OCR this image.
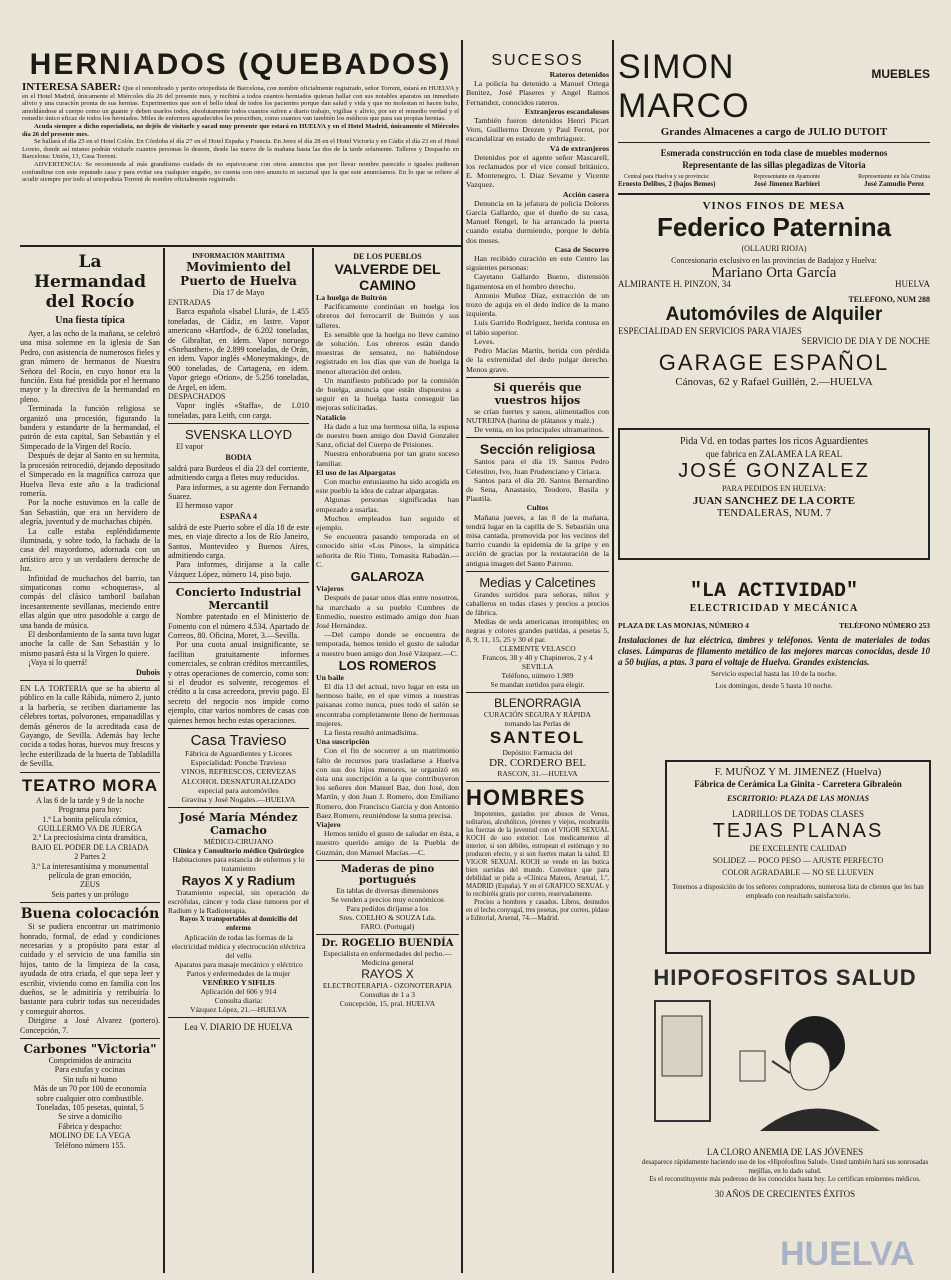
HERNIADOS (QUEBADOS)

INTERESA SABER: Que el renombrado y perito ortopedista de Barcelona, con nombre oficialmente registrado, señor Torrent, estará en HUELVA y en el Hotel Madrid, únicamente el Miércoles día 26 del presente mes, y recibirá a todos cuantos herniados quieran hallar con sus notables aparatos un inmediato alivio y una curación pronta de sus hernias. Experimentos que son el bello ideal de todos los pacientes porque dan salud y vida y que no molestan ni hacen bulto, amoldándose al cuerpo como un guante y deben usarlos todos, absolutamente todos cuantos sufren a diario trabajo, vigilias y alivio, por ser el remedio verdad y el remedio único eficaz de todos los herniados. Miles de enfermos agradecidos les prescriben, como cuantos van también los médicos que para sus propias hernias.

Acuda siempre a dicho especialista, no dejéis de visitarle y sacad muy presente que estará en HUELVA y en el Hotel Madrid, únicamente el Miércoles día 26 del presente mes.

Se hallará el día 25 en el Hotel Colón. En Córdoba el día 27 en el Hotel España y Francia. En Jerez el día 28 en el Hotel Victoria y en Cádiz el día 23 en el Hotel Loreto, donde así mismo podrán visitarle cuantos personas lo deseen, desde las nueve de la mañana hasta las dos de la tarde solamente. Talleres y Despacho en Barcelona: Unión, 13, Casa Torrent.

ADVERTENCIA: Se recomienda al más grandísimo cuidado de no equivocarse con otros anuncios que por llevar nombre parecido o iguales pudieran confundirse con este reputado casa y para evitar sea cualquier engaño, no cuenta con otro anuncio ni sucursal que la que este anunciamos. En lo que se refiere al acudir siempre por todo al ortopedista Torrent de nombre oficialmente registrado.

La Hermandad del Rocío
Una fiesta típica

Ayer, a las ocho de la mañana, se celebró una misa solemne en la iglesia de San Pedro, con asistencia de numerosos fieles y gran número de hermanos de Nuestra Señora del Rocío, en cuyo honor era la función. Esta fué presidida por el hermano mayor y la directiva de la hermandad en pleno.

Terminada la función religiosa se organizó una procesión, figurando la bandera y estandarte de la hermandad, el patrón de esta capital, San Sebastián y el Simpecado de la Virgen del Rocío.

Después de dejar al Santo en su hermita, la procesión retrocedió, dejando depositado el Simpecado en la magnífica carroza que Huelva lleva este año a la tradicional romería.

Por la noche estuvimos en la calle de San Sebastián, que era un hervidero de alegría, juventud y de muchachas chipén.

La calle estaba espléndidamente iluminada, y sobre todo, la fachada de la casa del mayordomo, adornada con un artístico arco y un verdadero derroche de luz.

Infinidad de muchachos del barrio, tan simpaticonas como «choqueras», al compás del clásico tamboril bailaban incesantemente sevillanas, meciendo entre ellas algún que otro pasodoble a cargo de una banda de música.

El desbordamiento de la santa tuvo lugar anoche la calle de San Sebastián y lo mismo pasará ésta si la Virgen lo quiere.

¡Vaya si lo querrá!

Dubois

EN LA TORTERIA que se ha abierto al público en la calle Rábida, número 2, junto a la barbería, se reciben diariamente las célebres tortas, polvorones, empanadillas y demás géneros de la acreditada casa de Gayango, de Sevilla. Además hay leche cocida a todas horas, huevos muy frescos y leche esterilizada de la huerta de Tabladilla de Sevilla.

TEATRO MORA

A las 6 de la tarde y 9 de la noche

Programa para hoy:

1.º La bonita película cómica,

GUILLERMO VA DE JUERGA

2.º La preciosísima cinta dramática,

BAJO EL PODER DE LA CRIADA

2 Partes 2

3.º La interesantísima y monumental película de gran emoción,

ZEUS

Seis partes y un prólogo

Buena colocación

Si se pudiera encontrar un matrimonio honrado, formal, de edad y condiciones necesarias y a propósito para estar al cuidado y el servicio de una familia sin hijos, tanto de la limpieza de la casa, ayudada de otra criada, el que sepa leer y escribir, viviendo como en familia con los dueños, se le admitiría y retribuiría lo bastante para cubrir todas sus necesidades y conseguir ahorros.

Dirigirse a José Alvarez (portero). Concepción, 7.

Carbones "Victoria"

Comprimidos de antracita

Para estufas y cocinas

Sin tufo ni humo

Más de un 70 por 100 de economía

sobre cualquier otro combustible.

Toneladas, 105 pesetas, quintal, 5

Se sirve a domicilio

Fábrica y despacho:

MOLINO DE LA VEGA

Teléfono número 155.

INFORMACIÓN MARÍTIMA
Movimiento del Puerto de Huelva

Día 17 de Mayo

ENTRADAS

Barca española «Isabel Llurá», de 1.455 toneladas, de Cádiz, en lastre. Vapor americano «Hartfod», de 6.202 toneladas, de Gibraltar, en idem. Vapor noruego «Snehasthen», de 2.899 toneladas, de Orán, en idem. Vapor inglés «Moneymaking», de 900 toneladas, de Cartagena, en idem. Vapor griego «Orion», de 5.256 toneladas, de Argel, en idem.

DESPACHADOS

Vapor inglés «Staffa», de 1.010 toneladas, para Leith, con carga.

SVENSKA LLOYD

El vapor

BODIA

saldrá para Burdeos el día 23 del corriente, admitiendo carga a fletes muy reducidos.

Para informes, a su agente don Fernando Suarez.

El hermoso vapor

ESPAÑA 4

saldrá de este Puerto sobre el día 18 de este mes, en viaje directo a los de Río Janeiro, Santos, Montevideo y Buenos Aires, admitiendo carga.

Para informes, diríjanse a la calle Vázquez López, número 14, piso bajo.

Concierto Industrial Mercantil

Nombre patentado en el Ministerio de Fomento con el número 4.534. Apartado de Correos, 80. Oficina, Moret, 3.—Sevilla.

Por una cuota anual insignificante, se facilitan gratuitamente informes comerciales, se cobran créditos mercantiles, y otras operaciones de comercio, como son: si el deudor es solvente, recogemos el crédito a la casa acreedora, previo pago. El secreto del negocio nos impide como ejemplo, citar varios nombres de casas con quienes hemos hecho estas operaciones.

Casa Travieso

Fábrica de Aguardientes y Licores

Especialidad: Ponche Travieso

VINOS, REFRESCOS, CERVEZAS

ALCOHOL DESNATURALIZADO

especial para automóviles

Gravina y José Nogales.—HUELVA

José María Méndez Camacho

MÉDICO-CIRUJANO

Clínica y Consultorio médico Quirúrgico

Habitaciones para estancia de enfermos y lo tratamiento

Rayos X y Radium

Tratamiento especial, sin operación de escrófulas, cáncer y toda clase tumores por el Radium y la Radioterapia.

Rayos X transportables al domicilio del enfermo

Aplicación de todas las formas de la electricidad médica y electrocución eléctrica del vello

Aparatos para masaje mecánico y eléctrico

Partos y enfermedades de la mujer

VENÉREO Y SIFILIS

Aplicación del 606 y 914

Consulta diaria:

Vázquez López, 21.—HUELVA

Lea V. DIARIO DE HUELVA

DE LOS PUEBLOS
VALVERDE DEL CAMINO

La huelga de Buitrón

Pacíficamente continúan en huelga los obreros del ferrocarril de Buitrón y sus talleres.

Es sensible que la huelga no lleve camino de solución. Los obreros están dando muestras de sensatez, no habiéndose registrado en los días que van de huelga la menor alteración del orden.

Un manifiesto publicado por la comisión de huelga, anuncia que están dispuestos a seguir en la huelga hasta conseguir las mejoras solicitadas.

Natalicio

Ha dado a luz una hermosa niña, la esposa de nuestro buen amigo don David Gonzalez Sanz, oficial del Cuerpo de Prisiones.

Nuestra enhorabuena por tan grato suceso familiar.

El uso de las Alpargatas

Con mucho entusiasmo ha sido acogida en este pueblo la idea de calzar alpargatas.

Algunas personas significadas han empezado a usarlas.

Muchos empleados han seguido el ejemplo.

Se encuentra pasando temporada en el conocido sitio «Los Pinos», la simpática señorita de Río Tinto, Tomasita Rabadán.—C.

GALAROZA

Viajeros

Después de pasar unos días entre nosotros, ha marchado a su pueblo Cumbres de Enmedio, nuestro estimado amigo don Juan José Hernández.

—Del campo donde se encuentra de temporada, hemos tenido el gusto de saludar a nuestro buen amigo don José Vázquez.—C.

LOS ROMEROS

Un baile

El día 13 del actual, tuvo lugar en esta un hermoso baile, en el que vimos a nuestras paisanas como nunca, pues todo el salón se encontraba completamente lleno de hermosas mujeres.

La fiesta resultó animadísima.

Una suscripción

Con el fin de socorrer a un matrimonio falto de recursos para trasladarse a Huelva con sus dos hijos menores, se organizó en ésta una suscripción a la que contribuyeron los señores don Manuel Baz, don José, don Martín, y don Juan J. Romero, don Emiliano Romero, don Francisco Garcia y don Antonio Baez Romero, reuniéndose la suma precisa.

Viajero

Hemos tenido el gusto de saludar en ésta, a nuestro querido amigo de la Puebla de Guzmán, don Manuel Macías.—C.

Maderas de pino portugués

En tablas de diversas dimensiones

Se venden a precios muy económicos

Para pedidos diríjanse a los

Sres. COELHO & SOUZA Lda.

FARO. (Portugal)

Dr. ROGELIO BUENDÍA

Especialista en enfermedades del pecho.—Medicina general

RAYOS X

ELECTROTERAPIA - OZONOTERAPIA

Consultas de 1 a 3

Concepción, 15, pral. HUELVA

SUCESOS

Rateros detenidos

La policía ha detenido a Manuel Ortega Benitez, José Plaseres y Angel Ramos Fernandez, conocidos rateros.

Extranjeros escandalosos

También fueron detenidos Henri Picart Vern, Guillermo Drezen y Paul Ferrot, por escandalizar en estado de embriaguez.

Vá de extranjeros

Detenidos por el agente señor Mascarell, los reclamados por el vice consul británico, E. Montenegro, I. Diaz Sevame y Vicente Vazquez.

Acción casera

Denuncia en la jefatura de policía Dolores García Gallardo, que el dueño de su casa, Manuel Rengel, le ha arrancado la puerta cuando estaba durmiendo, porque le debía dos meses.

Casa de Socorro

Han recibido curación en este Centro las siguientes personas:

Cayetano Gallardo Bueno, distensión ligamentosa en el hombro derecho.

Antonio Muñoz Díaz, extracción de un trozo de aguja en el dedo índice de la mano izquierda.

Luis Garrido Rodríguez, herida contusa en el labio superior.

Leves.

Pedro Macías Martín, herida con pérdida de la extremidad del dedo pulgar derecho. Menos grave.

Si queréis que vuestros hijos

se crían fuertes y sanos, alimentadlos con NUTREINA (harina de plátanos y maíz.)

De venta, en los principales ultramarinos.

Sección religiosa

Santos para el día 19. Santos Pedro Celestino, Ivo, Juan Prudenciano y Ciriaca.

Santos para el día 20. Santos Bernardino de Sena, Anastasio, Teodoro, Basila y Plautila.

Cultos

Mañana jueves, a las 8 de la mañana, tendrá lugar en la capilla de S. Sebastián una misa cantada, promovida por los vecinos del barrio cuando la epidemia de la gripe y en acción de gracias por la restauración de la antigua imagen del Santo Patrono.

Medias y Calcetines

Grandes surtidos para señoras, niños y caballeros en todas clases y precios a precios de fábrica.

Medias de seda americanas irrompibles; en negras y colores grandes partidas, a pesetas 5, 8, 9, 11, 15, 25 y 30 el par.

CLEMENTE VELASCO

Francos, 38 y 40 y Chapineros, 2 y 4

SEVILLA

Teléfono, número 1.989

Se mandan surtidos para elegir.

BLENORRAGIA

CURACIÓN SEGURA Y RÁPIDA

tomando las Perlas de

SANTEOL

Depósito: Farmacia del

DR. CORDERO BEL

RASCON, 31.—HUELVA

HOMBRES

Impotentes, gastados por abusos de Venus, solitarios, alcohólicos, jóvenes y viejos, recobraréis las fuerzas de la juventud con el VIGOR SEXUAL KOCH de uso exterior. Los medicamentos al interior, si son débiles, estropean el estómago y no producen efecto, y si son fuertes matan la salud. El VIGOR SEXUAL KOCH se vende en las botica bien surtidas del mundo. Convénce que para debilidad se pida a «Clínica Mateos, Arsenal, 1.º, MADRID (España). Y en el GRAFICO SEXUAL y lo recibiréis gratis por correo, reservadamente.

Precios a hombres y casados. Libros, desnudos en el lecho conyugal, tres pesetas, por correo, pídase a Editorial, Arsenal, 74.—Madrid.

SIMON MARCO
MUEBLES

Grandes Almacenes a cargo de JULIO DUTOIT

Esmerada construcción en toda clase de muebles modernos

Representante de las sillas plegadizas de Vitoria

Central para Huelva y su provincia:

Ernesto Delibes, 2 (bajos Bemes)

Representante en Ayamonte

José Jimenez Barbieri

Representante en Isla Cristina

José Zamudio Perez

VINOS FINOS DE MESA

Federico Paternina

(OLLAURI RIOJA)

Concesionario exclusivo en las provincias de Badajoz y Huelva:

Mariano Orta García

ALMIRANTE H. PINZON, 34	HUELVA

TELEFONO, NUM 288

Automóviles de Alquiler

ESPECIALIDAD EN SERVICIOS PARA VIAJES

SERVICIO DE DIA Y DE NOCHE

GARAGE ESPAÑOL

Cánovas, 62 y Rafael Guillén, 2.—HUELVA

Pida Vd. en todas partes los ricos Aguardientes

que fabrica en ZALAMEA LA REAL

JOSÉ GONZALEZ

PARA PEDIDOS EN HUELVA:

JUAN SANCHEZ DE LA CORTE

TENDALERAS, NUM. 7

"LA ACTIVIDAD"

ELECTRICIDAD Y MECÁNICA

PLAZA DE LAS MONJAS, NÚMERO 4	TELÉFONO NÚMERO 253

Instalaciones de luz eléctrica, timbres y teléfonos. Venta de materiales de todas clases. Lámparas de filamento metálico de las mejores marcas conocidas, desde 10 a 50 bujías, a ptas. 3 para el voltaje de Huelva. Grandes existencias.

Servicio especial hasta las 10 de la noche.

Los domingos, desde 5 hasta 10 noche.

F. MUÑOZ Y M. JIMENEZ (Huelva)

Fábrica de Cerámica La Ginita - Carretera Gibraleón

ESCRITORIO: PLAZA DE LAS MONJAS

LADRILLOS DE TODAS CLASES

TEJAS PLANAS

DE EXCELENTE CALIDAD

SOLIDEZ — POCO PESO — AJUSTE PERFECTO

COLOR AGRADABLE — NO SE LLUEVEN

Tenemos a disposición de los señores compradores, numerosa lista de clientes que les han empleado con resultado satisfactorio.

HIPOFOSFITOS SALUD

LA CLORO ANEMIA DE LAS JÓVENES

desaparece rápidamente haciendo uso de los «Hipofosfitos Salud». Usted también hará sus sonrosadas mejillas, en lo dado salud.

Es el reconstituyente más poderoso de los conocidos hasta hoy. Lo certifican eminentes médicos.

30 AÑOS DE CRECIENTES ÉXITOS

HUELVA
